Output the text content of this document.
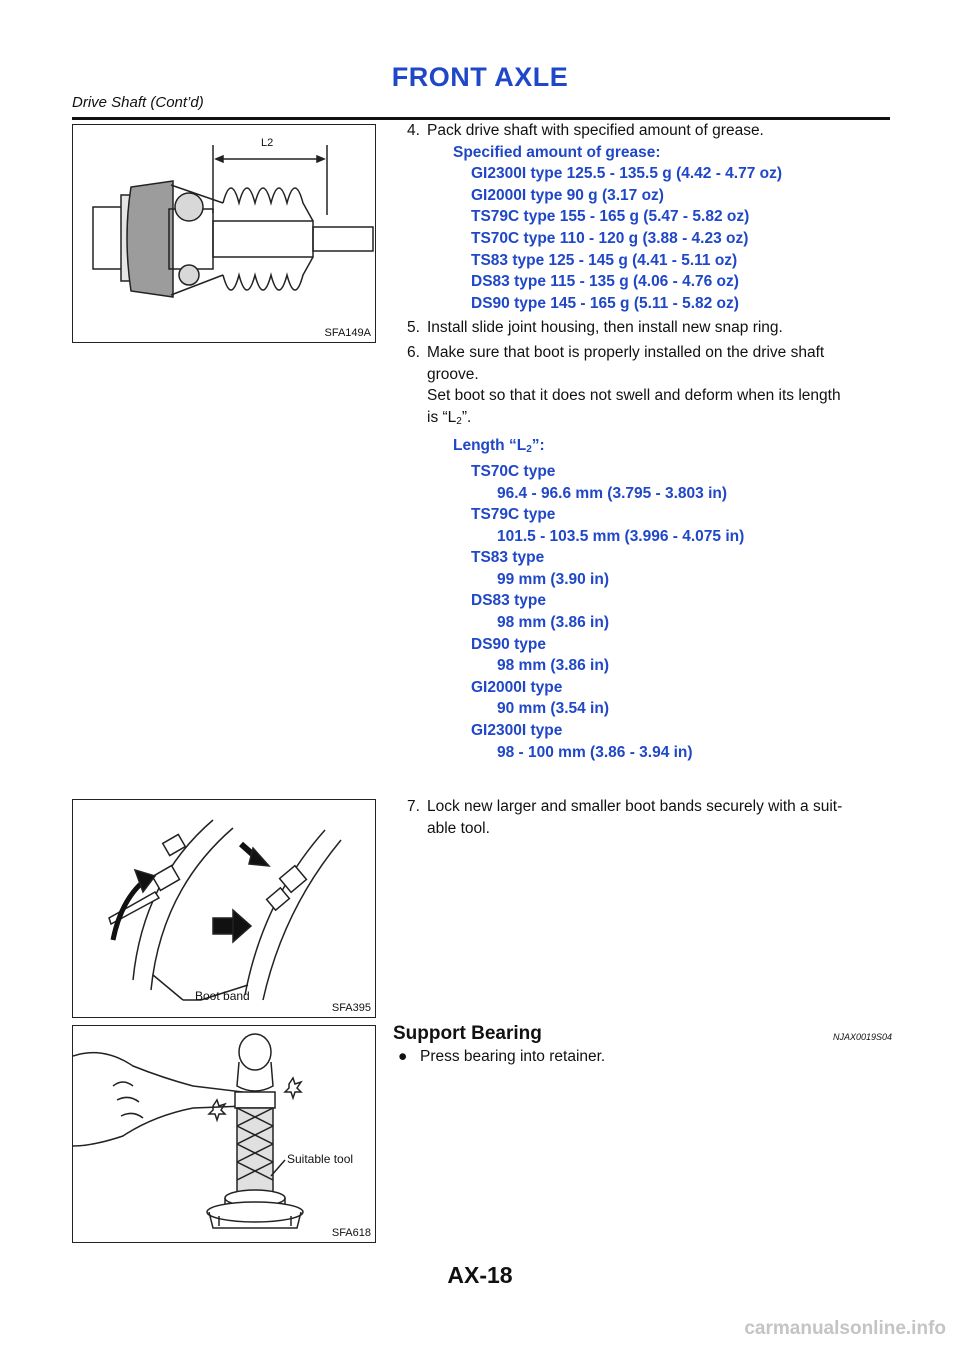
FRONT AXLE
Drive Shaft (Cont’d)
L2
SFA149A
Boot band
SFA395
Suitable tool
SFA618
4. Pack drive shaft with specified amount of grease.
Specified amount of grease:
GI2300I type 125.5 - 135.5 g (4.42 - 4.77 oz)
GI2000I type 90 g (3.17 oz)
TS79C type 155 - 165 g (5.47 - 5.82 oz)
TS70C type 110 - 120 g (3.88 - 4.23 oz)
TS83 type 125 - 145 g (4.41 - 5.11 oz)
DS83 type 115 - 135 g (4.06 - 4.76 oz)
DS90 type 145 - 165 g (5.11 - 5.82 oz)
5. Install slide joint housing, then install new snap ring.
6. Make sure that boot is properly installed on the drive shaft
groove.
Set boot so that it does not swell and deform when its length
is “$L_2$”.
Length “$L_2$”:
TS70C type
96.4 - 96.6 mm (3.795 - 3.803 in)
TS79C type
101.5 - 103.5 mm (3.996 - 4.075 in)
TS83 type
99 mm (3.90 in)
DS83 type
98 mm (3.86 in)
DS90 type
98 mm (3.86 in)
GI2000I type
90 mm (3.54 in)
GI2300I type
98 - 100 mm (3.86 - 3.94 in)
7. Lock new larger and smaller boot bands securely with a suit-
able tool.
Support Bearing	NJAX0019S04
● Press bearing into retainer.
AX-18
carmanualsonline.info
